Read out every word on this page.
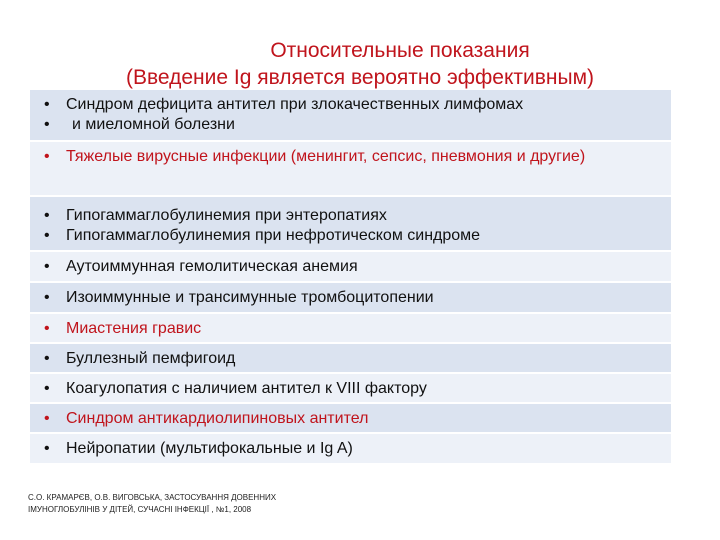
Относительные показания

(Введение Ig является вероятно эффективным)

•	Синдром дефицита антител при злокачественных лимфомах
•	и миеломной болезни
•	Тяжелые вирусные инфекции (менингит, сепсис, пневмония и другие)
•	Гипогаммаглобулинемия при энтеропатиях
•	Гипогаммаглобулинемия при нефротическом синдроме
•	Аутоиммунная гемолитическая анемия
•	Изоиммунные и трансимунные тромбоцитопении
•	Миастения гравис
•	Буллезный пемфигоид
•	Коагулопатия с наличием антител к VIII фактору
•	Синдром антикардиолипиновых антител
•	Нейропатии (мультифокальные и Ig A)
С.О. КРАМАРЄВ, О.В. ВИГОВСЬКА, ЗАСТОСУВАННЯ ДОВЕННИХ
ІМУНОГЛОБУЛІНІВ У ДІТЕЙ, СУЧАСНІ ІНФЕКЦІЇ , №1, 2008
